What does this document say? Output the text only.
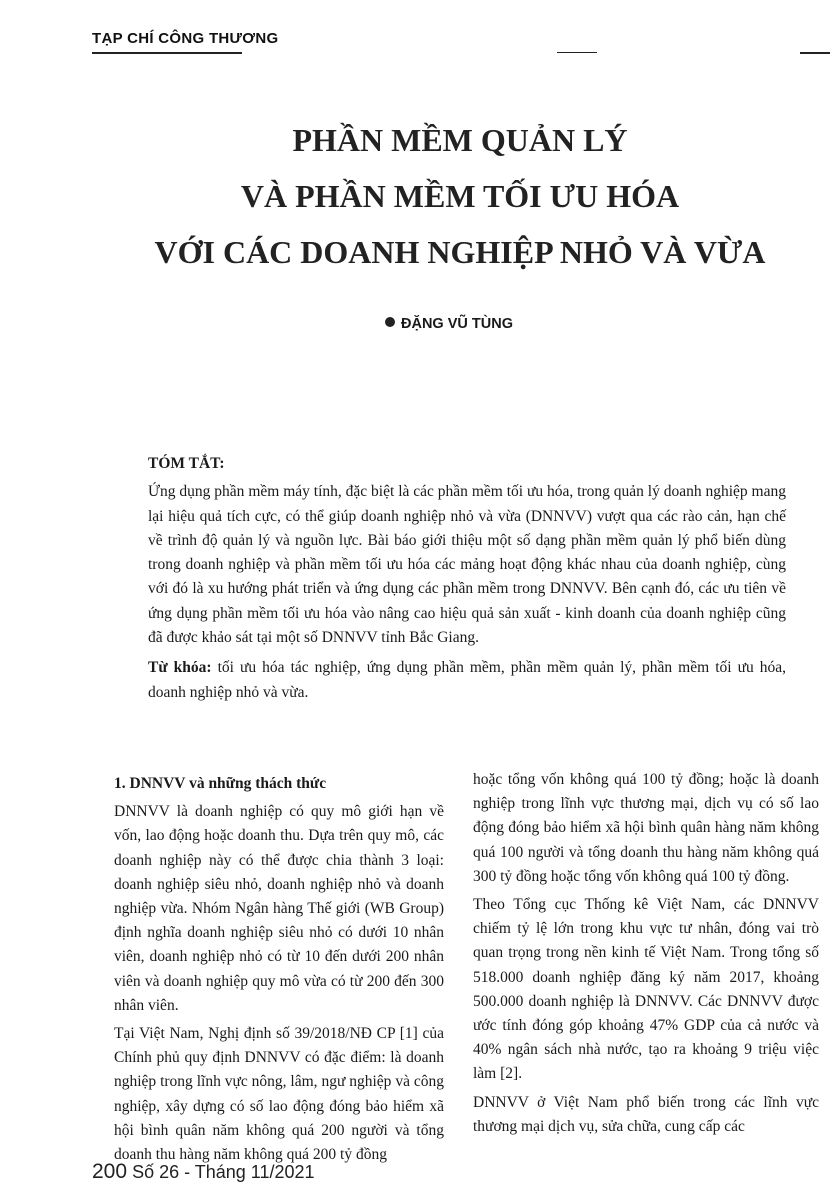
TẠP CHÍ CÔNG THƯƠNG
PHẦN MỀM QUẢN LÝ
VÀ PHẦN MỀM TỐI ƯU HÓA
VỚI CÁC DOANH NGHIỆP NHỎ VÀ VỪA
ĐẶNG VŨ TÙNG
TÓM TẮT:

Ứng dụng phần mềm máy tính, đặc biệt là các phần mềm tối ưu hóa, trong quản lý doanh nghiệp mang lại hiệu quả tích cực, có thể giúp doanh nghiệp nhỏ và vừa (DNNVV) vượt qua các rào cản, hạn chế về trình độ quản lý và nguồn lực. Bài báo giới thiệu một số dạng phần mềm quản lý phổ biến dùng trong doanh nghiệp và phần mềm tối ưu hóa các mảng hoạt động khác nhau của doanh nghiệp, cùng với đó là xu hướng phát triển và ứng dụng các phần mềm trong DNNVV. Bên cạnh đó, các ưu tiên về ứng dụng phần mềm tối ưu hóa vào nâng cao hiệu quả sản xuất - kinh doanh của doanh nghiệp cũng đã được khảo sát tại một số DNNVV tỉnh Bắc Giang.

Từ khóa: tối ưu hóa tác nghiệp, ứng dụng phần mềm, phần mềm quản lý, phần mềm tối ưu hóa, doanh nghiệp nhỏ và vừa.

1. DNNVV và những thách thức

DNNVV là doanh nghiệp có quy mô giới hạn về vốn, lao động hoặc doanh thu. Dựa trên quy mô, các doanh nghiệp này có thể được chia thành 3 loại: doanh nghiệp siêu nhỏ, doanh nghiệp nhỏ và doanh nghiệp vừa. Nhóm Ngân hàng Thế giới (WB Group) định nghĩa doanh nghiệp siêu nhỏ có dưới 10 nhân viên, doanh nghiệp nhỏ có từ 10 đến dưới 200 nhân viên và doanh nghiệp quy mô vừa có từ 200 đến 300 nhân viên.

Tại Việt Nam, Nghị định số 39/2018/NĐ CP [1] của Chính phủ quy định DNNVV có đặc điểm: là doanh nghiệp trong lĩnh vực nông, lâm, ngư nghiệp và công nghiệp, xây dựng có số lao động đóng bảo hiểm xã hội bình quân năm không quá 200 người và tổng doanh thu hàng năm không quá 200 tỷ đồng

hoặc tổng vốn không quá 100 tỷ đồng; hoặc là doanh nghiệp trong lĩnh vực thương mại, dịch vụ có số lao động đóng bảo hiểm xã hội bình quân hàng năm không quá 100 người và tổng doanh thu hàng năm không quá 300 tỷ đồng hoặc tổng vốn không quá 100 tỷ đồng.

Theo Tổng cục Thống kê Việt Nam, các DNNVV chiếm tỷ lệ lớn trong khu vực tư nhân, đóng vai trò quan trọng trong nền kinh tế Việt Nam. Trong tổng số 518.000 doanh nghiệp đăng ký năm 2017, khoảng 500.000 doanh nghiệp là DNNVV. Các DNNVV được ước tính đóng góp khoảng 47% GDP của cả nước và 40% ngân sách nhà nước, tạo ra khoảng 9 triệu việc làm [2].

DNNVV ở Việt Nam phổ biến trong các lĩnh vực thương mại dịch vụ, sửa chữa, cung cấp các

200 Số 26 - Tháng 11/2021
